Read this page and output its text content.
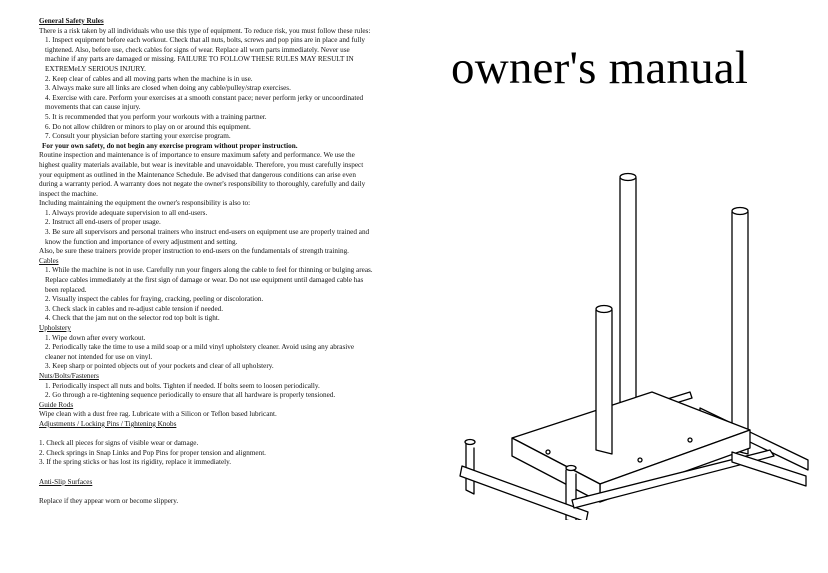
General Safety Rules
There is a risk taken by all individuals who use this type of equipment. To reduce risk, you must follow these rules:
1. Inspect equipment before each workout. Check that all nuts, bolts, screws and pop pins are in place and fully tightened. Also, before use, check cables for signs of wear. Replace all worn parts immediately. Never use machine if any parts are damaged or missing. FAILURE TO FOLLOW THESE RULES MAY RESULT IN EXTREMeLY SERIOUS INJURY.
2. Keep clear of cables and all moving parts when the machine is in use.
3. Always make sure all links are closed when doing any cable/pulley/strap exercises.
4. Exercise with care. Perform your exercises at a smooth constant pace; never perform jerky or uncoordinated movements that can cause injury.
5. It is recommended that you perform your workouts with a training partner.
6. Do not allow children or minors to play on or around this equipment.
7. Consult your physician before starting your exercise program.
For your own safety, do not begin any exercise program without proper instruction.
Routine inspection and maintenance is of importance to ensure maximum safety and performance. We use the highest quality materials available, but wear is inevitable and unavoidable. Therefore, you must carefully inspect your equipment as outlined in the Maintenance Schedule. Be advised that dangerous conditions can arise even during a warranty period. A warranty does not negate the owner's responsibility to thoroughly, carefully and daily inspect the machine.
Including maintaining the equipment the owner's responsibility is also to:
1. Always provide adequate supervision to all end-users.
2. Instruct all end-users of proper usage.
3. Be sure all supervisors and personal trainers who instruct end-users on equipment use are properly trained and know the function and importance of every adjustment and setting.
Also, be sure these trainers provide proper instruction to end-users on the fundamentals of strength training.
Cables
1. While the machine is not in use. Carefully run your fingers along the cable to feel for thinning or bulging areas. Replace cables immediately at the first sign of damage or wear. Do not use equipment until damaged cable has been replaced.
2. Visually inspect the cables for fraying, cracking, peeling or discoloration.
3. Check slack in cables and re-adjust cable tension if needed.
4. Check that the jam nut on the selector rod top bolt is tight.
Upholstery
1. Wipe down after every workout.
2. Periodically take the time to use a mild soap or a mild vinyl upholstery cleaner. Avoid using any abrasive cleaner not intended for use on vinyl.
3. Keep sharp or pointed objects out of your pockets and clear of all upholstery.
Nuts/Bolts/Fasteners
1. Periodically inspect all nuts and bolts. Tighten if needed. If bolts seem to loosen periodically.
2. Go through a re-tightening sequence periodically to ensure that all hardware is properly tensioned.
Guide Rods
Wipe clean with a dust free rag. Lubricate with a Silicon or Teflon based lubricant.
Adjustments / Locking Pins / Tightening Knobs
1. Check all pieces for signs of visible wear or damage.
2. Check springs in Snap Links and Pop Pins for proper tension and alignment.
3. If the spring sticks or has lost its rigidity, replace it immediately.
Anti-Slip Surfaces
Replace if they appear worn or become slippery.
owner's manual
